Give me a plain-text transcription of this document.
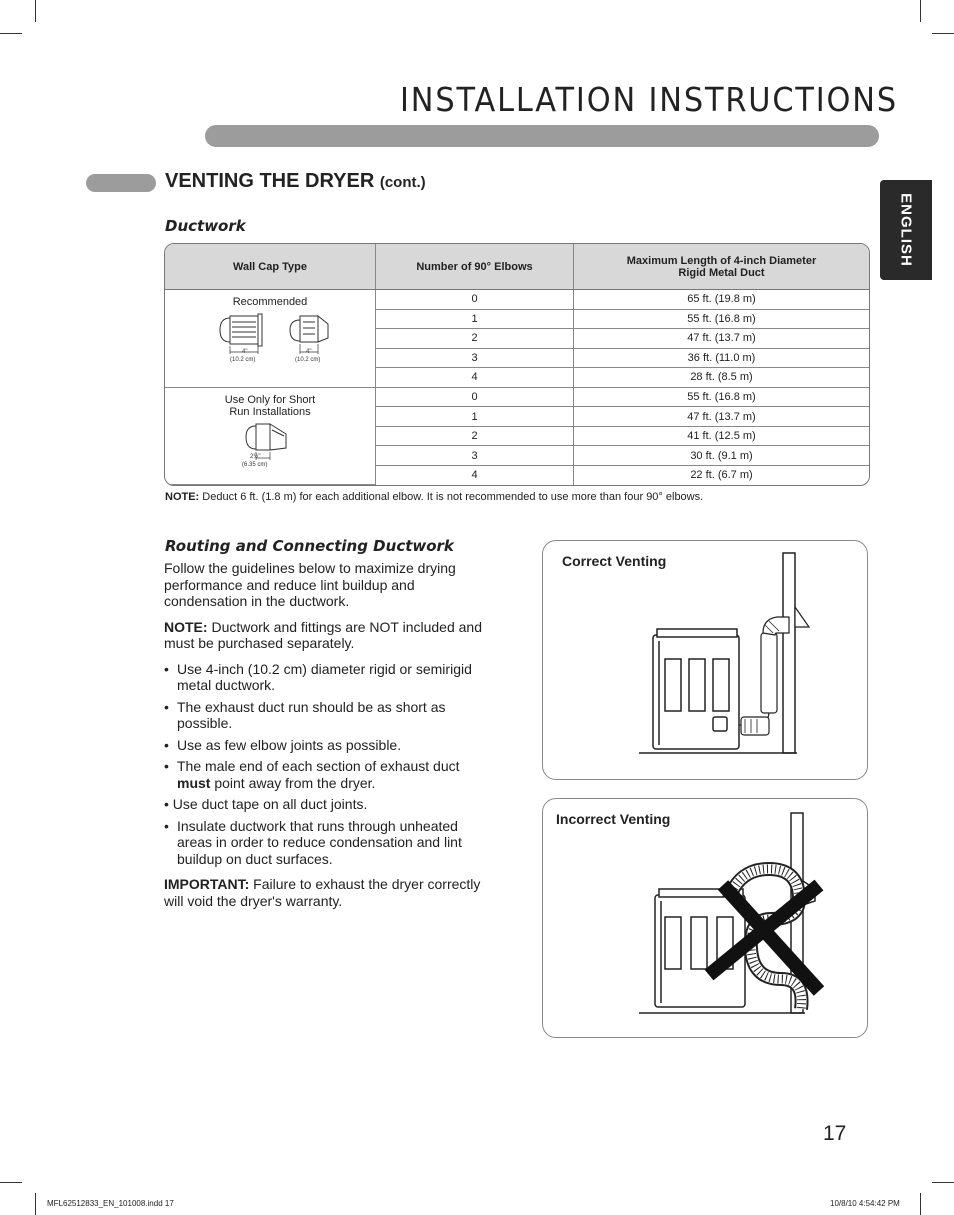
INSTALLATION INSTRUCTIONS
VENTING THE DRYER (cont.)
ENGLISH
Ductwork
Wall Cap Type	Number of 90° Elbows	Maximum Length of 4-inch Diameter
Rigid Metal Duct

Recommended
4"
(10.2 cm)
4"
(10.2 cm)	0	65 ft. (19.8 m)
	1	55 ft. (16.8 m)
	2	47 ft. (13.7 m)
	3	36 ft. (11.0 m)
	4	28 ft. (8.5 m)

Use Only for Short
Run Installations
2½"
(6.35 cm)	0	55 ft. (16.8 m)
	1	47 ft. (13.7 m)
	2	41 ft. (12.5 m)
	3	30 ft. (9.1 m)
	4	22 ft. (6.7 m)
NOTE: Deduct 6 ft. (1.8 m) for each additional elbow. It is not recommended to use more than four 90° elbows.
Routing and Connecting Ductwork

Follow the guidelines below to maximize drying performance and reduce lint buildup and condensation in the ductwork.

NOTE: Ductwork and fittings are NOT included and must be purchased separately.

• Use 4-inch (10.2 cm) diameter rigid or semirigid metal ductwork.
• The exhaust duct run should be as short as possible.
• Use as few elbow joints as possible.
• The male end of each section of exhaust duct must point away from the dryer.
• Use duct tape on all duct joints.
• Insulate ductwork that runs through unheated areas in order to reduce condensation and lint buildup on duct surfaces.

IMPORTANT: Failure to exhaust the dryer correctly will void the dryer's warranty.

Correct Venting
Incorrect Venting
17
MFL62512833_EN_101008.indd 17	10/8/10 4:54:42 PM
